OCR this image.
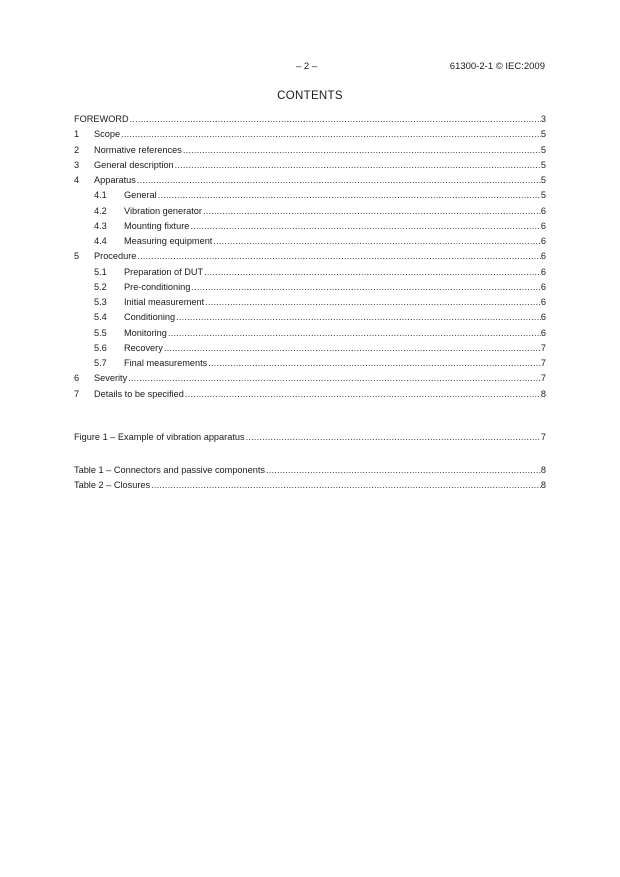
– 2 –	61300-2-1 © IEC:2009
CONTENTS
FOREWORD .....	3
1	Scope .....	5
2	Normative references .....	5
3	General description .....	5
4	Apparatus .....	5
4.1	General .....	5
4.2	Vibration generator .....	6
4.3	Mounting fixture .....	6
4.4	Measuring equipment .....	6
5	Procedure .....	6
5.1	Preparation of DUT .....	6
5.2	Pre-conditioning .....	6
5.3	Initial measurement .....	6
5.4	Conditioning .....	6
5.5	Monitoring .....	6
5.6	Recovery .....	7
5.7	Final measurements .....	7
6	Severity .....	7
7	Details to be specified .....	8
Figure 1 – Example of vibration apparatus .....	7
Table 1 – Connectors and passive components .....	8
Table 2 – Closures .....	8
